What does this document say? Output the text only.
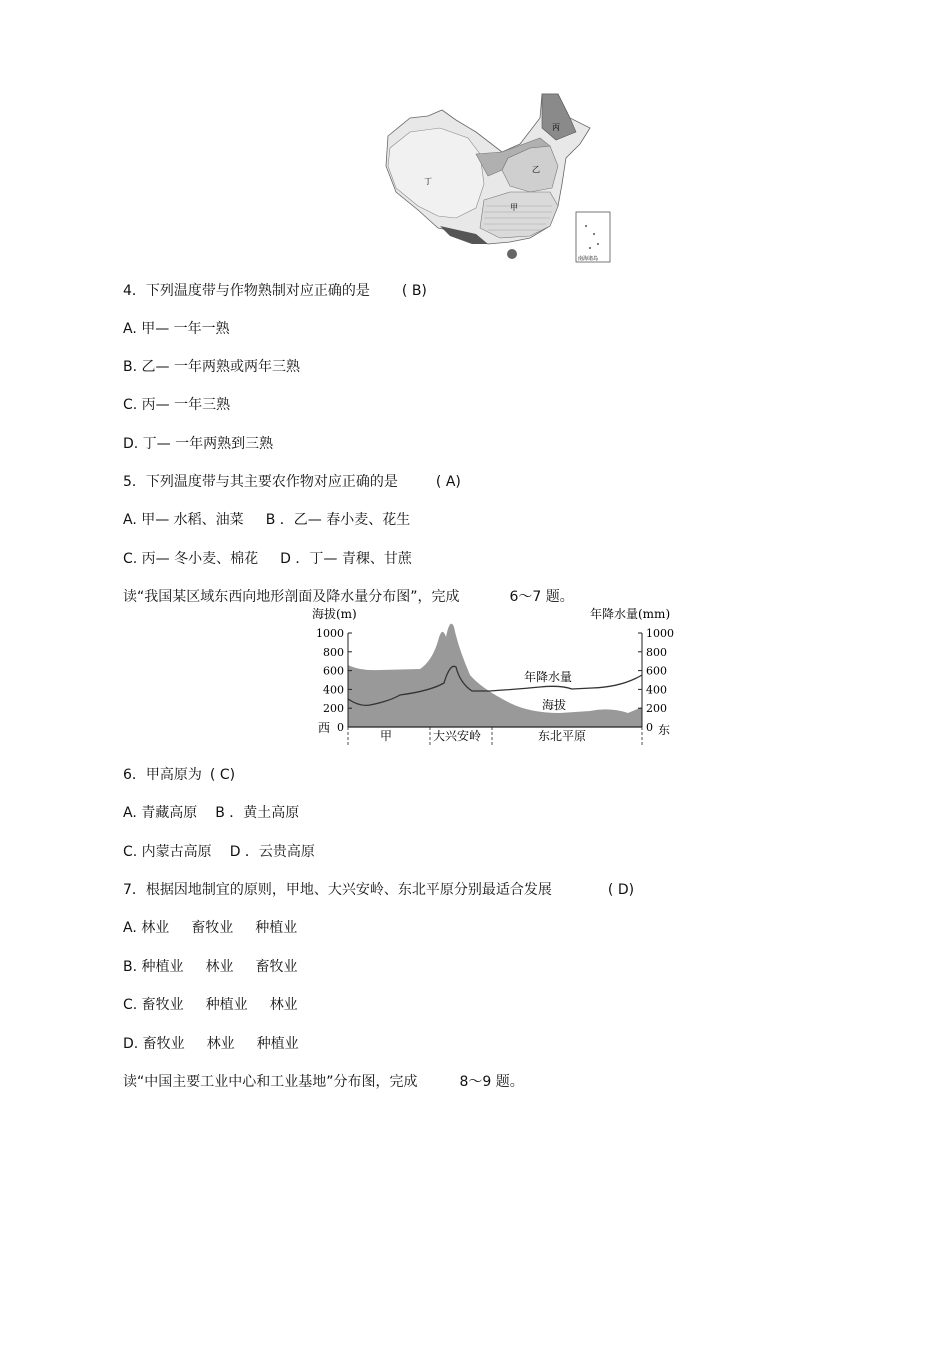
丙
乙
丁
甲
南海诸岛
4．下列温度带与作物熟制对应正确的是 ( B)
A. 甲— 一年一熟
B. 乙— 一年两熟或两年三熟
C. 丙— 一年三熟
D. 丁— 一年两熟到三熟
5．下列温度带与其主要农作物对应正确的是	( A)
A. 甲— 水稻、油菜 B ．乙— 春小麦、花生
C. 丙— 冬小麦、棉花 D ．丁— 青稞、甘蔗
读“我国某区域东西向地形剖面及降水量分布图”，完成	6～7 题。
海拔(m)	年降水量(mm)
年降水量
海拔
1000
800
600
400
200
0
1000
800
600
400
200
0
西	东
甲	大兴安岭	东北平原
6．甲高原为 ( C)
A. 青藏高原 B ．黄土高原
C. 内蒙古高原 D ．云贵高原
7．根据因地制宜的原则，甲地、大兴安岭、东北平原分别最适合发展	( D)
A. 林业 畜牧业 种植业
B. 种植业 林业 畜牧业
C. 畜牧业 种植业 林业
D. 畜牧业 林业 种植业
读“中国主要工业中心和工业基地”分布图，完成	8～9 题。
